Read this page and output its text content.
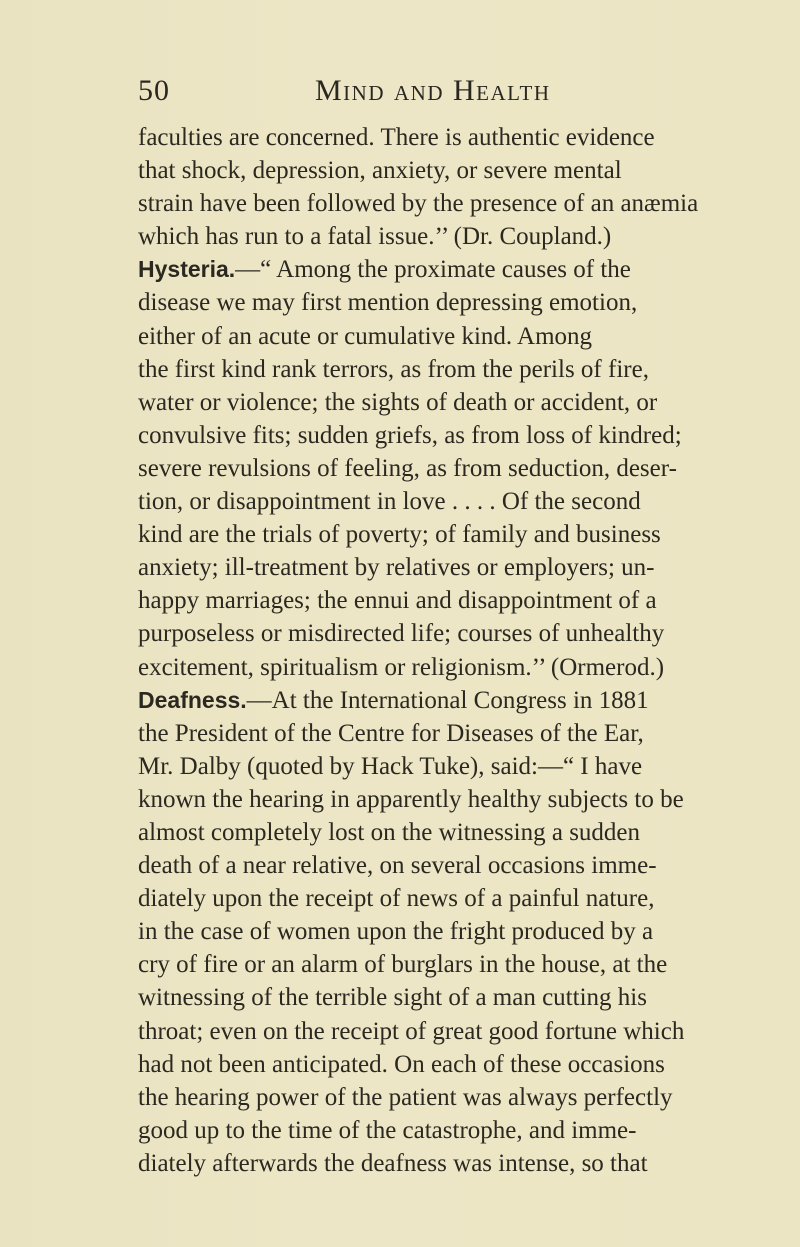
50	Mind and Health
faculties are concerned. There is authentic evidence
that shock, depression, anxiety, or severe mental
strain have been followed by the presence of an anæmia
which has run to a fatal issue.’’ (Dr. Coupland.)
Hysteria.—“ Among the proximate causes of the
disease we may first mention depressing emotion,
either of an acute or cumulative kind. Among
the first kind rank terrors, as from the perils of fire,
water or violence; the sights of death or accident, or
convulsive fits; sudden griefs, as from loss of kindred;
severe revulsions of feeling, as from seduction, deser-
tion, or disappointment in love . . . . Of the second
kind are the trials of poverty; of family and business
anxiety; ill-treatment by relatives or employers; un-
happy marriages; the ennui and disappointment of a
purposeless or misdirected life; courses of unhealthy
excitement, spiritualism or religionism.’’ (Ormerod.)
Deafness.—At the International Congress in 1881
the President of the Centre for Diseases of the Ear,
Mr. Dalby (quoted by Hack Tuke), said:—“ I have
known the hearing in apparently healthy subjects to be
almost completely lost on the witnessing a sudden
death of a near relative, on several occasions imme-
diately upon the receipt of news of a painful nature,
in the case of women upon the fright produced by a
cry of fire or an alarm of burglars in the house, at the
witnessing of the terrible sight of a man cutting his
throat; even on the receipt of great good fortune which
had not been anticipated. On each of these occasions
the hearing power of the patient was always perfectly
good up to the time of the catastrophe, and imme-
diately afterwards the deafness was intense, so that
